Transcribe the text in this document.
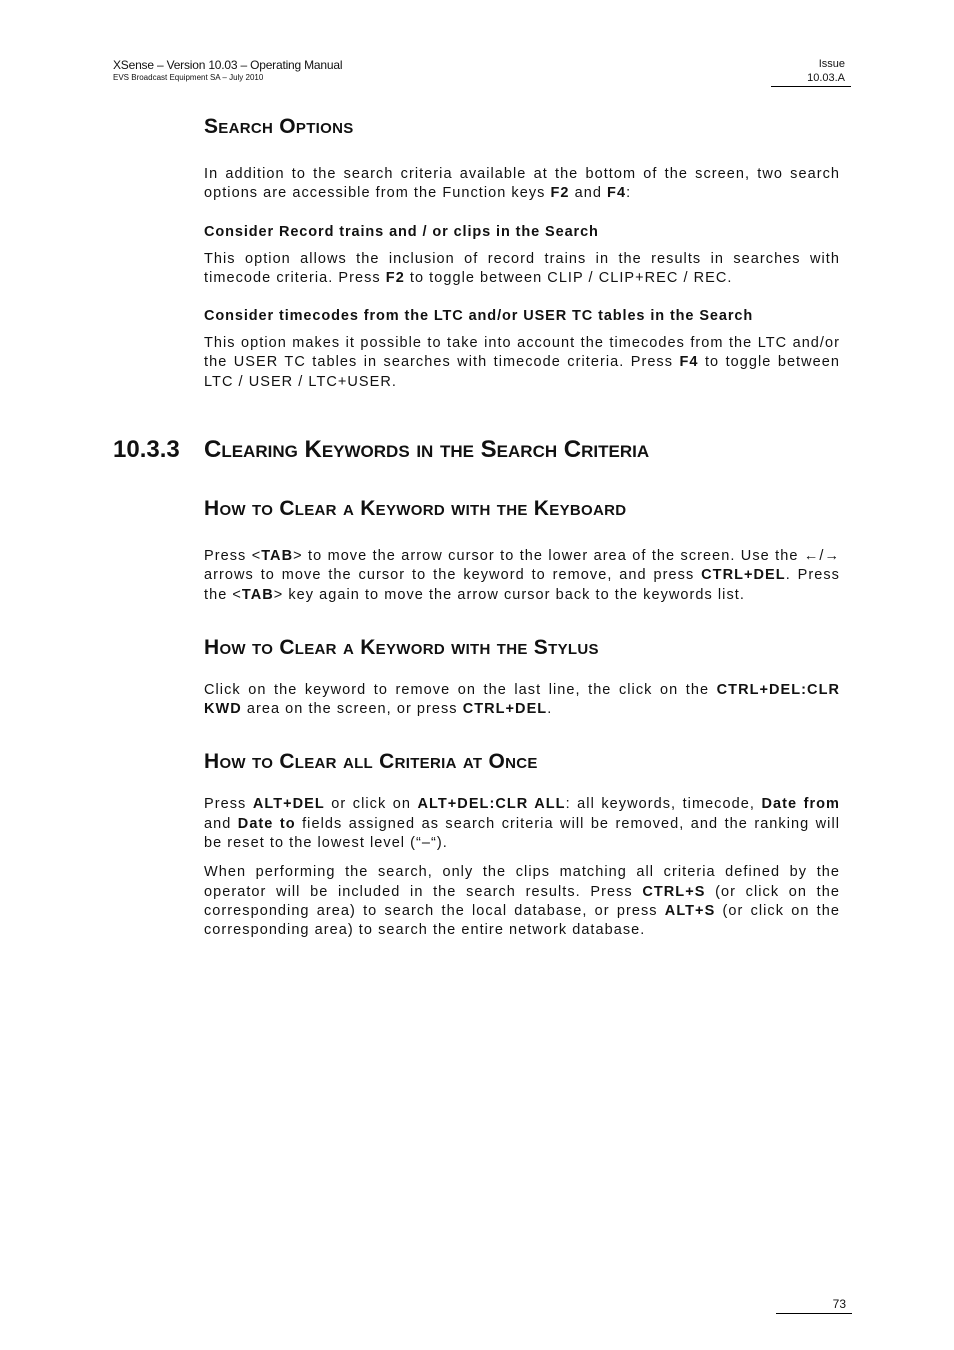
XSense – Version 10.03 – Operating Manual
EVS Broadcast Equipment SA – July 2010
Issue
10.03.A
Search Options

In addition to the search criteria available at the bottom of the screen, two search options are accessible from the Function keys F2 and F4:

Consider Record trains and / or clips in the Search

This option allows the inclusion of record trains in the results in searches with timecode criteria. Press F2 to toggle between CLIP / CLIP+REC / REC.

Consider timecodes from the LTC and/or USER TC tables in the Search

This option makes it possible to take into account the timecodes from the LTC and/or the USER TC tables in searches with timecode criteria. Press F4 to toggle between LTC / USER / LTC+USER.

10.3.3 Clearing Keywords in the Search Criteria
How to Clear a Keyword with the Keyboard

Press <TAB> to move the arrow cursor to the lower area of the screen. Use the ←/→ arrows to move the cursor to the keyword to remove, and press CTRL+DEL. Press the <TAB> key again to move the arrow cursor back to the keywords list.

How to Clear a Keyword with the Stylus

Click on the keyword to remove on the last line, the click on the CTRL+DEL:CLR KWD area on the screen, or press CTRL+DEL.

How to Clear all Criteria at Once

Press ALT+DEL or click on ALT+DEL:CLR ALL: all keywords, timecode, Date from and Date to fields assigned as search criteria will be removed, and the ranking will be reset to the lowest level (“–“).

When performing the search, only the clips matching all criteria defined by the operator will be included in the search results. Press CTRL+S (or click on the corresponding area) to search the local database, or press ALT+S (or click on the corresponding area) to search the entire network database.

73
